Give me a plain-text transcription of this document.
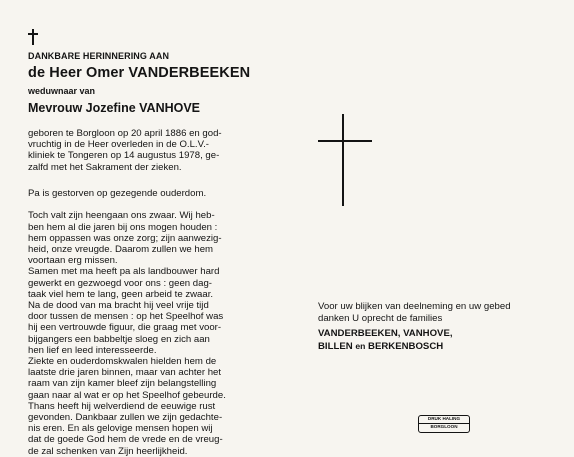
DANKBARE HERINNERING AAN
de Heer Omer VANDERBEEKEN
weduwnaar van
Mevrouw Jozefine VANHOVE

geboren te Borgloon op 20 april 1886 en god-

vruchtig in de Heer overleden in de O.L.V.-

kliniek te Tongeren op 14 augustus 1978, ge-

zalfd met het Sakrament der zieken.

Pa is gestorven op gezegende ouderdom.

Toch valt zijn heengaan ons zwaar. Wij heb-

ben hem al die jaren bij ons mogen houden :

hem oppassen was onze zorg; zijn aanwezig-

heid, onze vreugde. Daarom zullen we hem

voortaan erg missen.

Samen met ma heeft pa als landbouwer hard

gewerkt en gezwoegd voor ons : geen dag-

taak viel hem te lang, geen arbeid te zwaar.

Na de dood van ma bracht hij veel vrije tijd

door tussen de mensen : op het Speelhof was

hij een vertrouwde figuur, die graag met voor-

bijgangers een babbeltje sloeg en zich aan

hen lief en leed interesseerde.

Ziekte en ouderdomskwalen hielden hem de

laatste drie jaren binnen, maar van achter het

raam van zijn kamer bleef zijn belangstelling

gaan naar al wat er op het Speelhof gebeurde.

Thans heeft hij welverdiend de eeuwige rust

gevonden. Dankbaar zullen we zijn gedachte-

nis eren. En als gelovige mensen hopen wij

dat de goede God hem de vrede en de vreug-

de zal schenken van Zijn heerlijkheid.

Voor uw blijken van deelneming en uw gebed
danken U oprecht de families
VANDERBEEKEN, VANHOVE,
BILLEN en BERKENBOSCH
DRUK HALING
BORGLOON
